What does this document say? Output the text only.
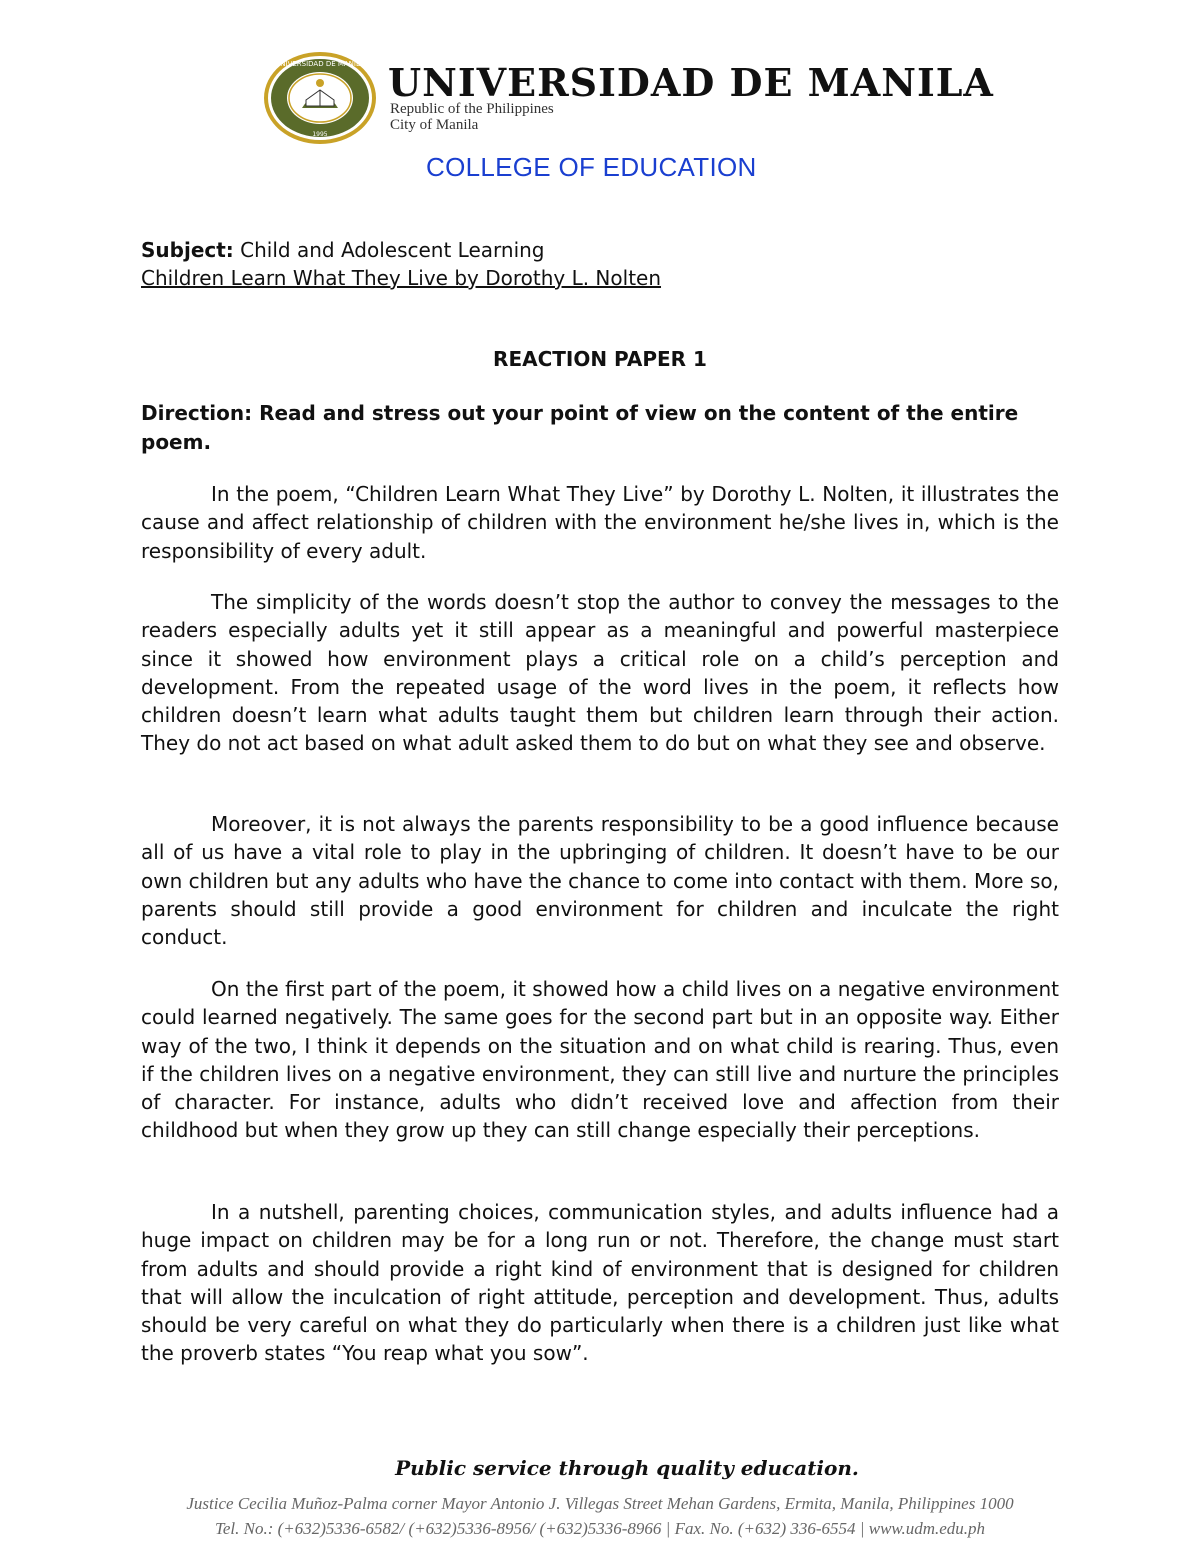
UNIVERSIDAD DE MANILA
1995
UNIVERSIDAD DE MANILA
Republic of the Philippines
City of Manila
COLLEGE OF EDUCATION
Subject: Child and Adolescent Learning
Children Learn What They Live by Dorothy L. Nolten
REACTION PAPER 1
Direction: Read and stress out your point of view on the content of the entire poem.

In the poem, “Children Learn What They Live” by Dorothy L. Nolten, it illustrates the cause and affect relationship of children with the environment he/she lives in, which is the responsibility of every adult.

The simplicity of the words doesn’t stop the author to convey the messages to the readers especially adults yet it still appear as a meaningful and powerful masterpiece since it showed how environment plays a critical role on a child’s perception and development. From the repeated usage of the word lives in the poem, it reflects how children doesn’t learn what adults taught them but children learn through their action. They do not act based on what adult asked them to do but on what they see and observe.

Moreover, it is not always the parents responsibility to be a good influence because all of us have a vital role to play in the upbringing of children. It doesn’t have to be our own children but any adults who have the chance to come into contact with them. More so, parents should still provide a good environment for children and inculcate the right conduct.

On the first part of the poem, it showed how a child lives on a negative environment could learned negatively. The same goes for the second part but in an opposite way. Either way of the two, I think it depends on the situation and on what child is rearing. Thus, even if the children lives on a negative environment, they can still live and nurture the principles of character. For instance, adults who didn’t received love and affection from their childhood but when they grow up they can still change especially their perceptions.

In a nutshell, parenting choices, communication styles, and adults influence had a huge impact on children may be for a long run or not. Therefore, the change must start from adults and should provide a right kind of environment that is designed for children that will allow the inculcation of right attitude, perception and development. Thus, adults should be very careful on what they do particularly when there is a children just like what the proverb states “You reap what you sow”.

Public service through quality education.
Justice Cecilia Muñoz-Palma corner Mayor Antonio J. Villegas Street Mehan Gardens, Ermita, Manila, Philippines 1000
Tel. No.: (+632)5336-6582/ (+632)5336-8956/ (+632)5336-8966 | Fax. No. (+632) 336-6554 | www.udm.edu.ph
